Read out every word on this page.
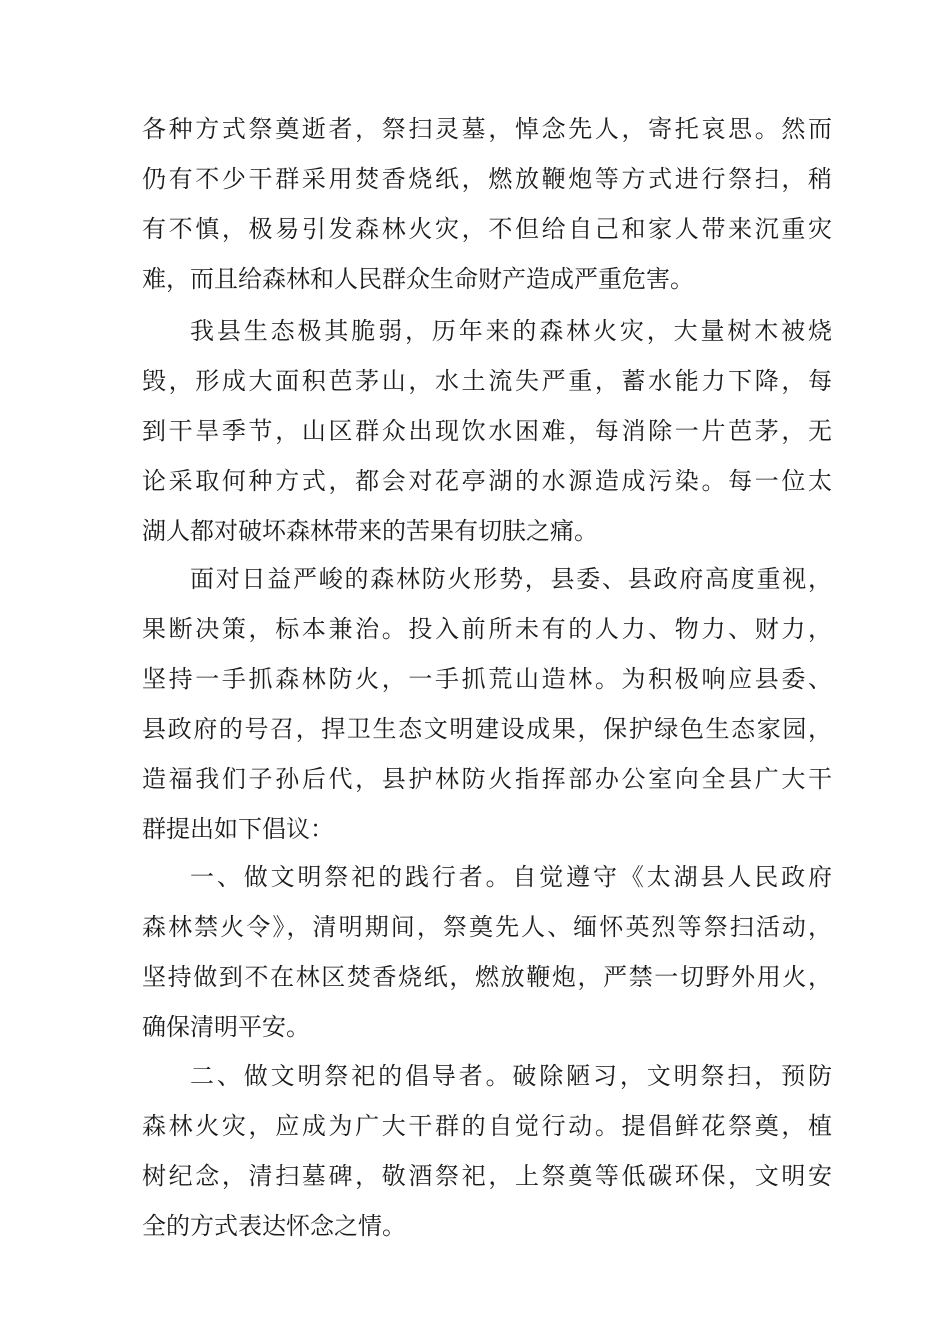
各种方式祭奠逝者，祭扫灵墓，悼念先人，寄托哀思。然而
仍有不少干群采用焚香烧纸，燃放鞭炮等方式进行祭扫，稍
有不慎，极易引发森林火灾，不但给自己和家人带来沉重灾
难，而且给森林和人民群众生命财产造成严重危害。
我县生态极其脆弱，历年来的森林火灾，大量树木被烧
毁，形成大面积芭茅山，水土流失严重，蓄水能力下降，每
到干旱季节，山区群众出现饮水困难，每消除一片芭茅，无
论采取何种方式，都会对花亭湖的水源造成污染。每一位太
湖人都对破坏森林带来的苦果有切肤之痛。
面对日益严峻的森林防火形势，县委、县政府高度重视，
果断决策，标本兼治。投入前所未有的人力、物力、财力，
坚持一手抓森林防火，一手抓荒山造林。为积极响应县委、
县政府的号召，捍卫生态文明建设成果，保护绿色生态家园，
造福我们子孙后代，县护林防火指挥部办公室向全县广大干
群提出如下倡议：
一、做文明祭祀的践行者。自觉遵守《太湖县人民政府
森林禁火令》，清明期间，祭奠先人、缅怀英烈等祭扫活动，
坚持做到不在林区焚香烧纸，燃放鞭炮，严禁一切野外用火，
确保清明平安。
二、做文明祭祀的倡导者。破除陋习，文明祭扫，预防
森林火灾，应成为广大干群的自觉行动。提倡鲜花祭奠，植
树纪念，清扫墓碑，敬酒祭祀，上祭奠等低碳环保，文明安
全的方式表达怀念之情。
